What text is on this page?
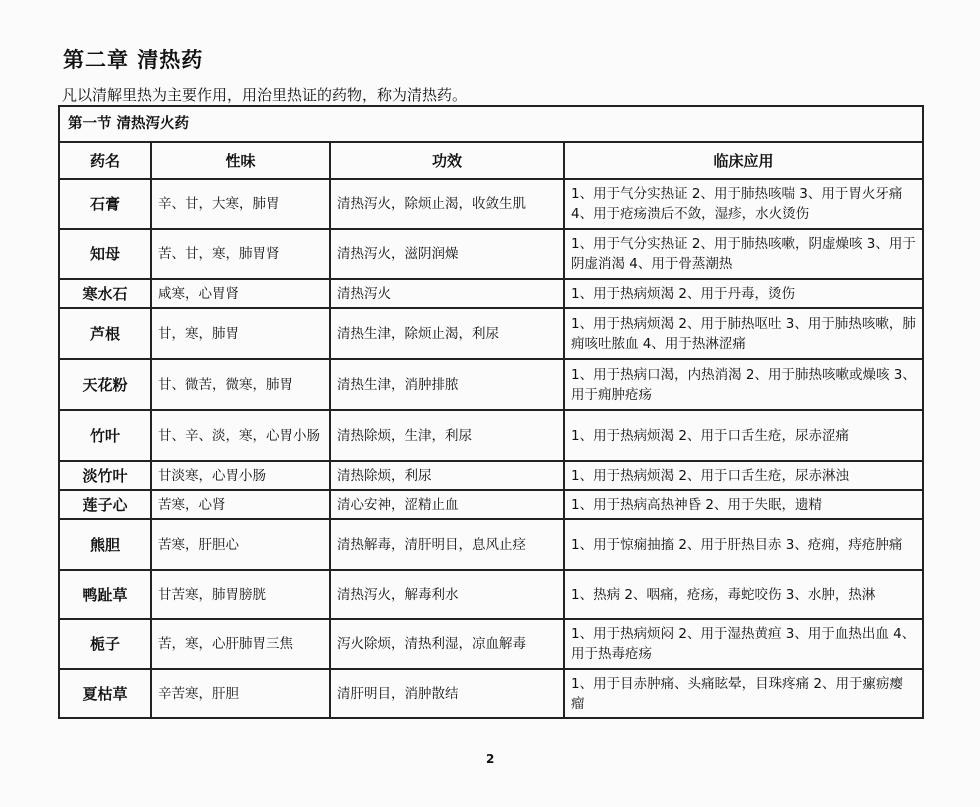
第二章 清热药
凡以清解里热为主要作用，用治里热证的药物，称为清热药。
第一节 清热泻火药			
药名	性味	功效	临床应用
石膏	辛、甘，大寒，肺胃	清热泻火，除烦止渴，收敛生肌	1、用于气分实热证 2、用于肺热咳喘 3、用于胃火牙痛 4、用于疮疡溃后不敛，湿疹，水火烫伤
知母	苦、甘，寒，肺胃肾	清热泻火，滋阴润燥	1、用于气分实热证 2、用于肺热咳嗽，阴虚燥咳 3、用于阴虚消渴 4、用于骨蒸潮热
寒水石	咸寒，心胃肾	清热泻火	1、用于热病烦渴 2、用于丹毒，烫伤
芦根	甘，寒，肺胃	清热生津，除烦止渴，利尿	1、用于热病烦渴 2、用于肺热呕吐 3、用于肺热咳嗽，肺痈咳吐脓血 4、用于热淋涩痛
天花粉	甘、微苦，微寒，肺胃	清热生津，消肿排脓	1、用于热病口渴，内热消渴 2、用于肺热咳嗽或燥咳 3、用于痈肿疮疡
竹叶	甘、辛、淡，寒，心胃小肠	清热除烦，生津，利尿	1、用于热病烦渴 2、用于口舌生疮，尿赤涩痛
淡竹叶	甘淡寒，心胃小肠	清热除烦，利尿	1、用于热病烦渴 2、用于口舌生疮，尿赤淋浊
莲子心	苦寒，心肾	清心安神，涩精止血	1、用于热病高热神昏 2、用于失眠，遗精
熊胆	苦寒，肝胆心	清热解毒，清肝明目，息风止痉	1、用于惊痫抽搐 2、用于肝热目赤 3、疮痈，痔疮肿痛
鸭趾草	甘苦寒，肺胃膀胱	清热泻火，解毒利水	1、热病 2、咽痛，疮疡，毒蛇咬伤 3、水肿，热淋
栀子	苦，寒，心肝肺胃三焦	泻火除烦，清热利湿，凉血解毒	1、用于热病烦闷 2、用于湿热黄疸 3、用于血热出血 4、用于热毒疮疡
夏枯草	辛苦寒，肝胆	清肝明目，消肿散结	1、用于目赤肿痛、头痛眩晕，目珠疼痛 2、用于瘰疬瘿瘤
2
